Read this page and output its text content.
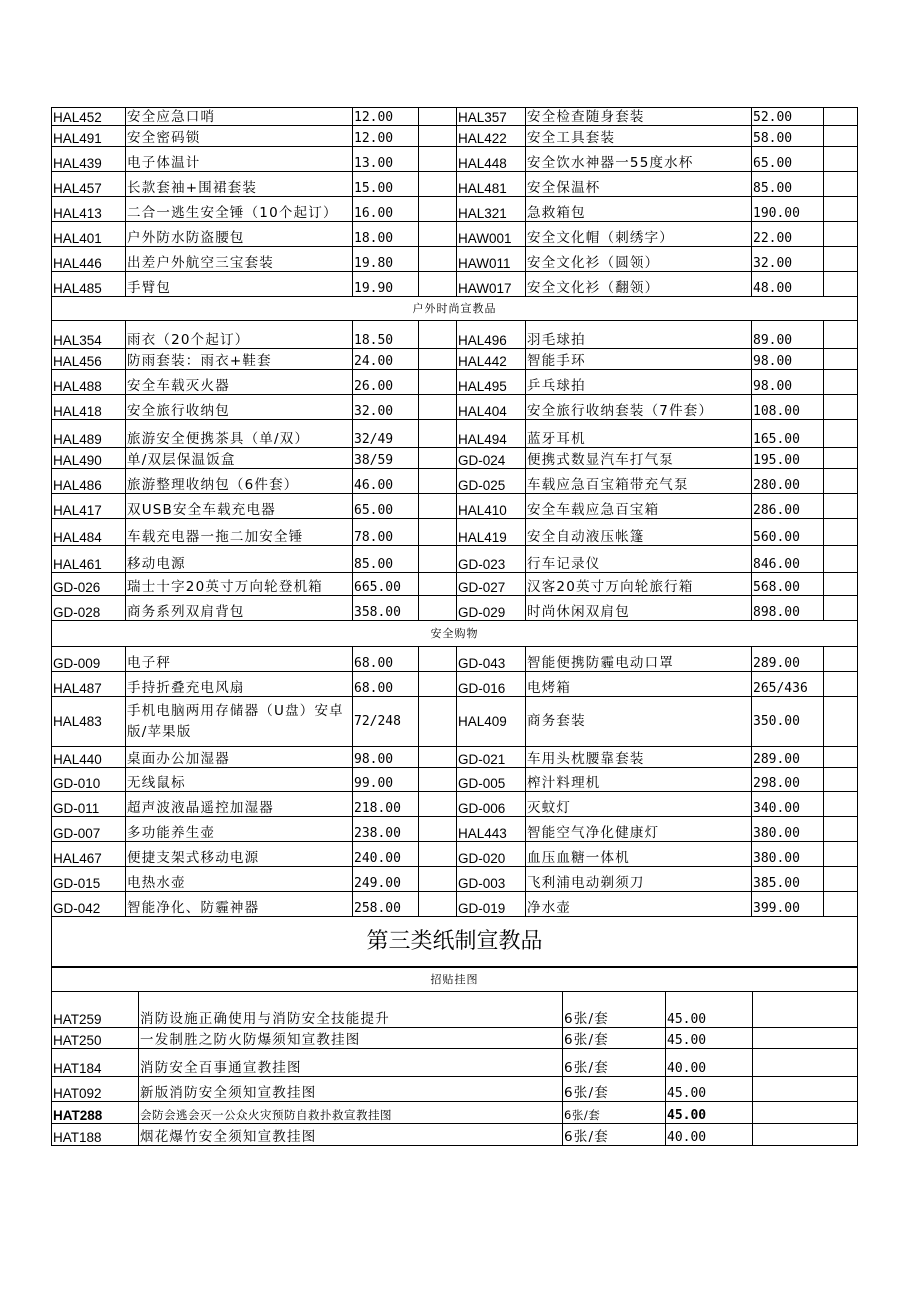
HAL452	安全应急口哨	12.00		HAL357	安全检查随身套装	52.00	
HAL491	安全密码锁	12.00		HAL422	安全工具套装	58.00	
HAL439	电子体温计	13.00		HAL448	安全饮水神器一55度水杯	65.00	
HAL457	长款套袖+围裙套装	15.00		HAL481	安全保温杯	85.00	
HAL413	二合一逃生安全锤（10个起订）	16.00		HAL321	急救箱包	190.00	
HAL401	户外防水防盗腰包	18.00		HAW001	安全文化帽（刺绣字）	22.00	
HAL446	出差户外航空三宝套装	19.80		HAW011	安全文化衫（圆领）	32.00	
HAL485	手臂包	19.90		HAW017	安全文化衫（翻领）	48.00	
户外时尚宣教品							
HAL354	雨衣（20个起订）	18.50		HAL496	羽毛球拍	89.00	
HAL456	防雨套装：雨衣+鞋套	24.00		HAL442	智能手环	98.00	
HAL488	安全车载灭火器	26.00		HAL495	乒乓球拍	98.00	
HAL418	安全旅行收纳包	32.00		HAL404	安全旅行收纳套装（7件套）	108.00	
HAL489	旅游安全便携茶具（单/双）	32/49		HAL494	蓝牙耳机	165.00	
HAL490	单/双层保温饭盒	38/59		GD-024	便携式数显汽车打气泵	195.00	
HAL486	旅游整理收纳包（6件套）	46.00		GD-025	车载应急百宝箱带充气泵	280.00	
HAL417	双USB安全车载充电器	65.00		HAL410	安全车载应急百宝箱	286.00	
HAL484	车载充电器一拖二加安全锤	78.00		HAL419	安全自动液压帐篷	560.00	
HAL461	移动电源	85.00		GD-023	行车记录仪	846.00	
GD-026	瑞士十字20英寸万向轮登机箱	665.00		GD-027	汉客20英寸万向轮旅行箱	568.00	
GD-028	商务系列双肩背包	358.00		GD-029	时尚休闲双肩包	898.00	
安全购物							
GD-009	电子秤	68.00		GD-043	智能便携防霾电动口罩	289.00	
HAL487	手持折叠充电风扇	68.00		GD-016	电烤箱	265/436	
HAL483	手机电脑两用存储器（U盘）安卓版/苹果版	72/248		HAL409	商务套装	350.00	
HAL440	桌面办公加湿器	98.00		GD-021	车用头枕腰靠套装	289.00	
GD-010	无线鼠标	99.00		GD-005	榨汁料理机	298.00	
GD-011	超声波液晶遥控加湿器	218.00		GD-006	灭蚊灯	340.00	
GD-007	多功能养生壶	238.00		HAL443	智能空气净化健康灯	380.00	
HAL467	便捷支架式移动电源	240.00		GD-020	血压血糖一体机	380.00	
GD-015	电热水壶	249.00		GD-003	飞利浦电动剃须刀	385.00	
GD-042	智能净化、防霾神器	258.00		GD-019	净水壶	399.00	
第三类纸制宣教品							
招贴挂图				
HAT259	消防设施正确使用与消防安全技能提升	6张/套	45.00	
HAT250	一发制胜之防火防爆须知宣教挂图	6张/套	45.00	
HAT184	消防安全百事通宣教挂图	6张/套	40.00	
HAT092	新版消防安全须知宣教挂图	6张/套	45.00	
HAT288	会防会逃会灭一公众火灾预防自救扑救宣教挂图	6张/套	45.00	
HAT188	烟花爆竹安全须知宣教挂图	6张/套	40.00	
